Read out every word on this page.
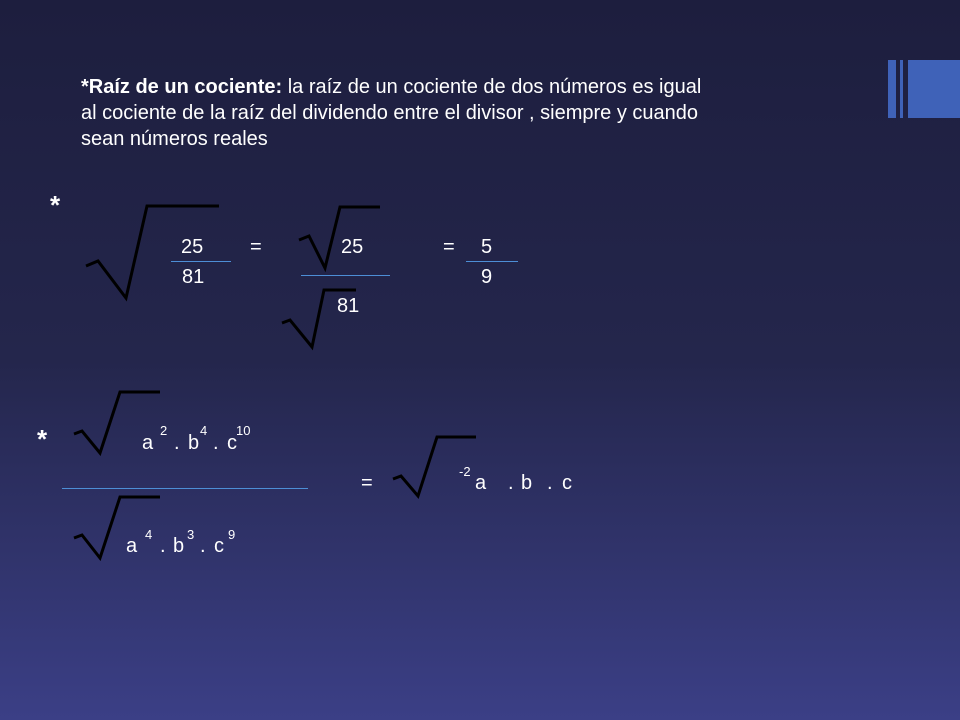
*Raíz de un cociente: la raíz de un cociente de dos números es igual al cociente de la raíz del dividendo entre el divisor , siempre y cuando sean números reales

*
25
81
=	25
81
= 5
9
*	a
2
. b
4
. c
10
a
4
. b
3
. c
9
=
-2
a . b . c
